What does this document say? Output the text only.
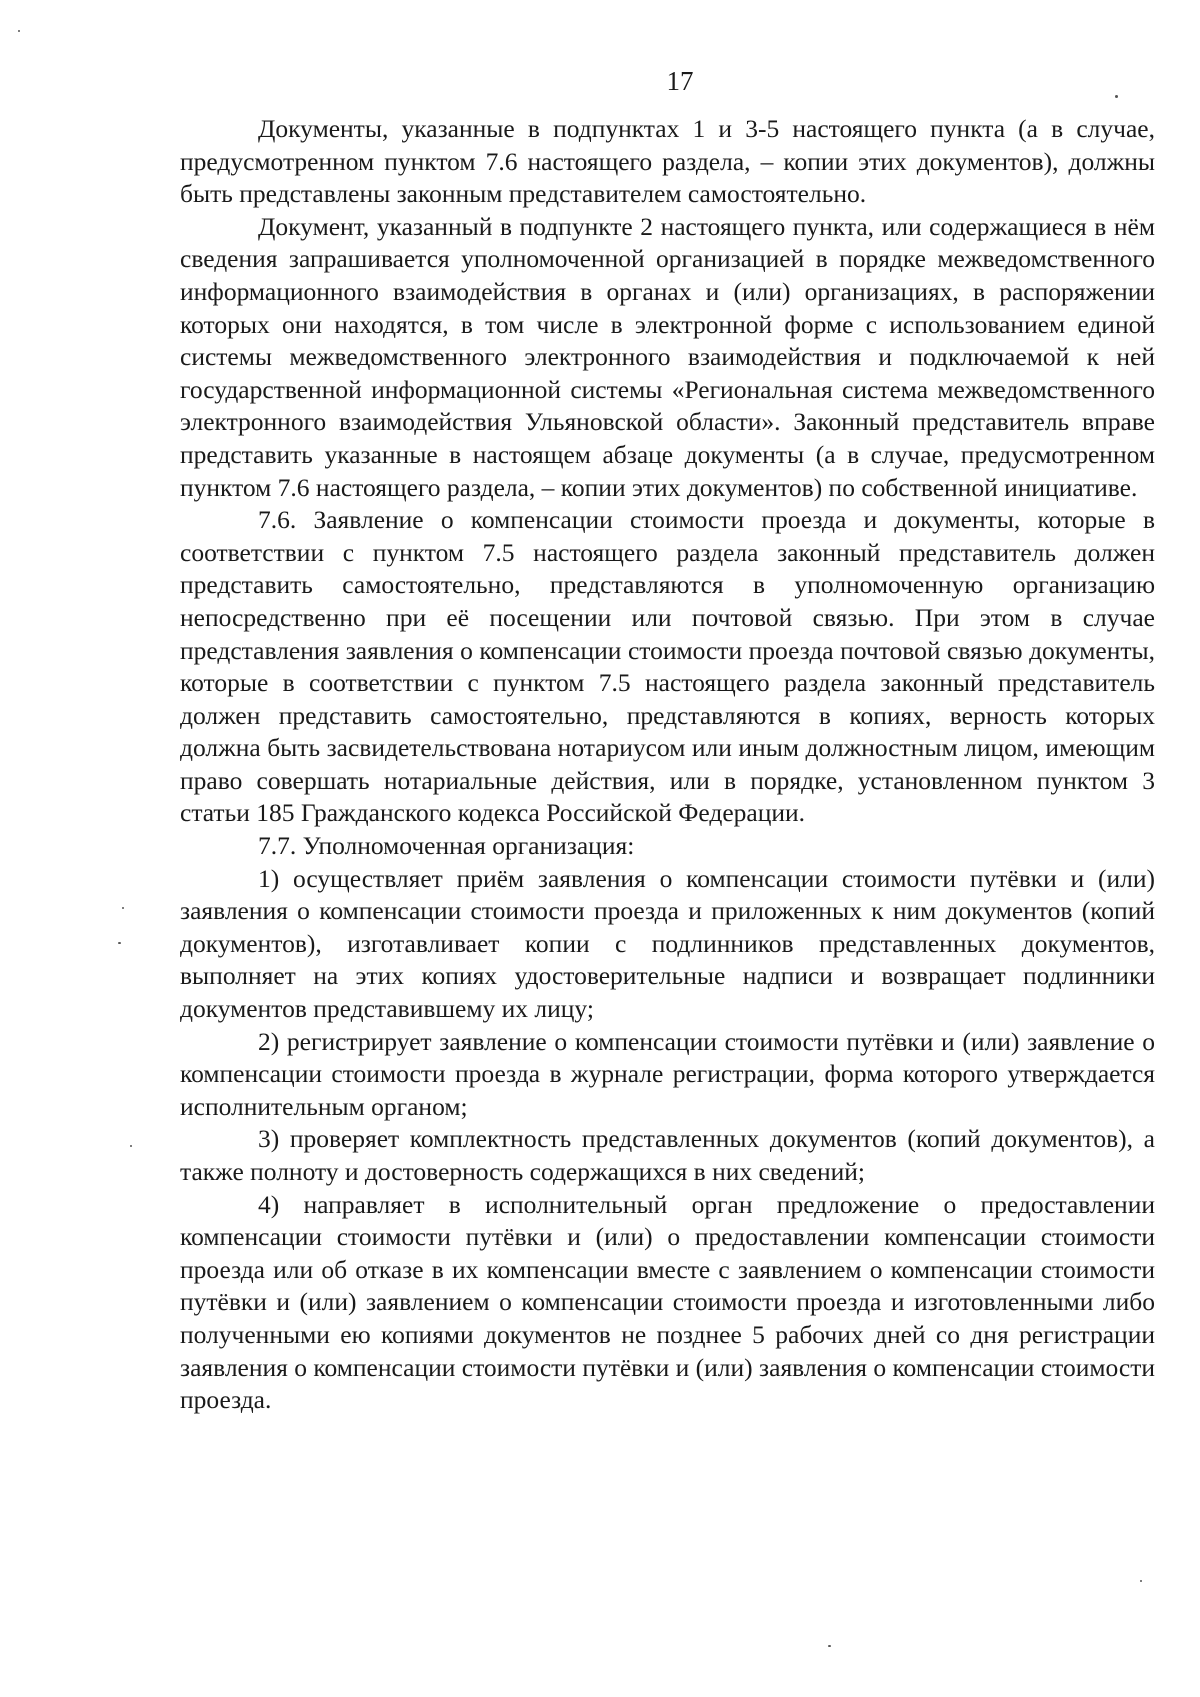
17

Документы, указанные в подпунктах 1 и 3-5 настоящего пункта (а в случае, предусмотренном пунктом 7.6 настоящего раздела, – копии этих документов), должны быть представлены законным представителем самостоятельно.

Документ, указанный в подпункте 2 настоящего пункта, или содержащиеся в нём сведения запрашивается уполномоченной организацией в порядке межведомственного информационного взаимодействия в органах и (или) организациях, в распоряжении которых они находятся, в том числе в электронной форме с использованием единой системы межведомственного электронного взаимодействия и подключаемой к ней государственной информационной системы «Региональная система межведомственного электронного взаимодействия Ульяновской области». Законный представитель вправе представить указанные в настоящем абзаце документы (а в случае, предусмотренном пунктом 7.6 настоящего раздела, – копии этих документов) по собственной инициативе.

7.6. Заявление о компенсации стоимости проезда и документы, которые в соответствии с пунктом 7.5 настоящего раздела законный представитель должен представить самостоятельно, представляются в уполномоченную организацию непосредственно при её посещении или почтовой связью. При этом в случае представления заявления о компенсации стоимости проезда почтовой связью документы, которые в соответствии с пунктом 7.5 настоящего раздела законный представитель должен представить самостоятельно, представляются в копиях, верность которых должна быть засвидетельствована нотариусом или иным должностным лицом, имеющим право совершать нотариальные действия, или в порядке, установленном пунктом 3 статьи 185 Гражданского кодекса Российской Федерации.

7.7. Уполномоченная организация:

1) осуществляет приём заявления о компенсации стоимости путёвки и (или) заявления о компенсации стоимости проезда и приложенных к ним документов (копий документов), изготавливает копии с подлинников представленных документов, выполняет на этих копиях удостоверительные надписи и возвращает подлинники документов представившему их лицу;

2) регистрирует заявление о компенсации стоимости путёвки и (или) заявление о компенсации стоимости проезда в журнале регистрации, форма которого утверждается исполнительным органом;

3) проверяет комплектность представленных документов (копий документов), а также полноту и достоверность содержащихся в них сведений;

4) направляет в исполнительный орган предложение о предоставлении компенсации стоимости путёвки и (или) о предоставлении компенсации стоимости проезда или об отказе в их компенсации вместе с заявлением о компенсации стоимости путёвки и (или) заявлением о компенсации стоимости проезда и изготовленными либо полученными ею копиями документов не позднее 5 рабочих дней со дня регистрации заявления о компенсации стоимости путёвки и (или) заявления о компенсации стоимости проезда.
